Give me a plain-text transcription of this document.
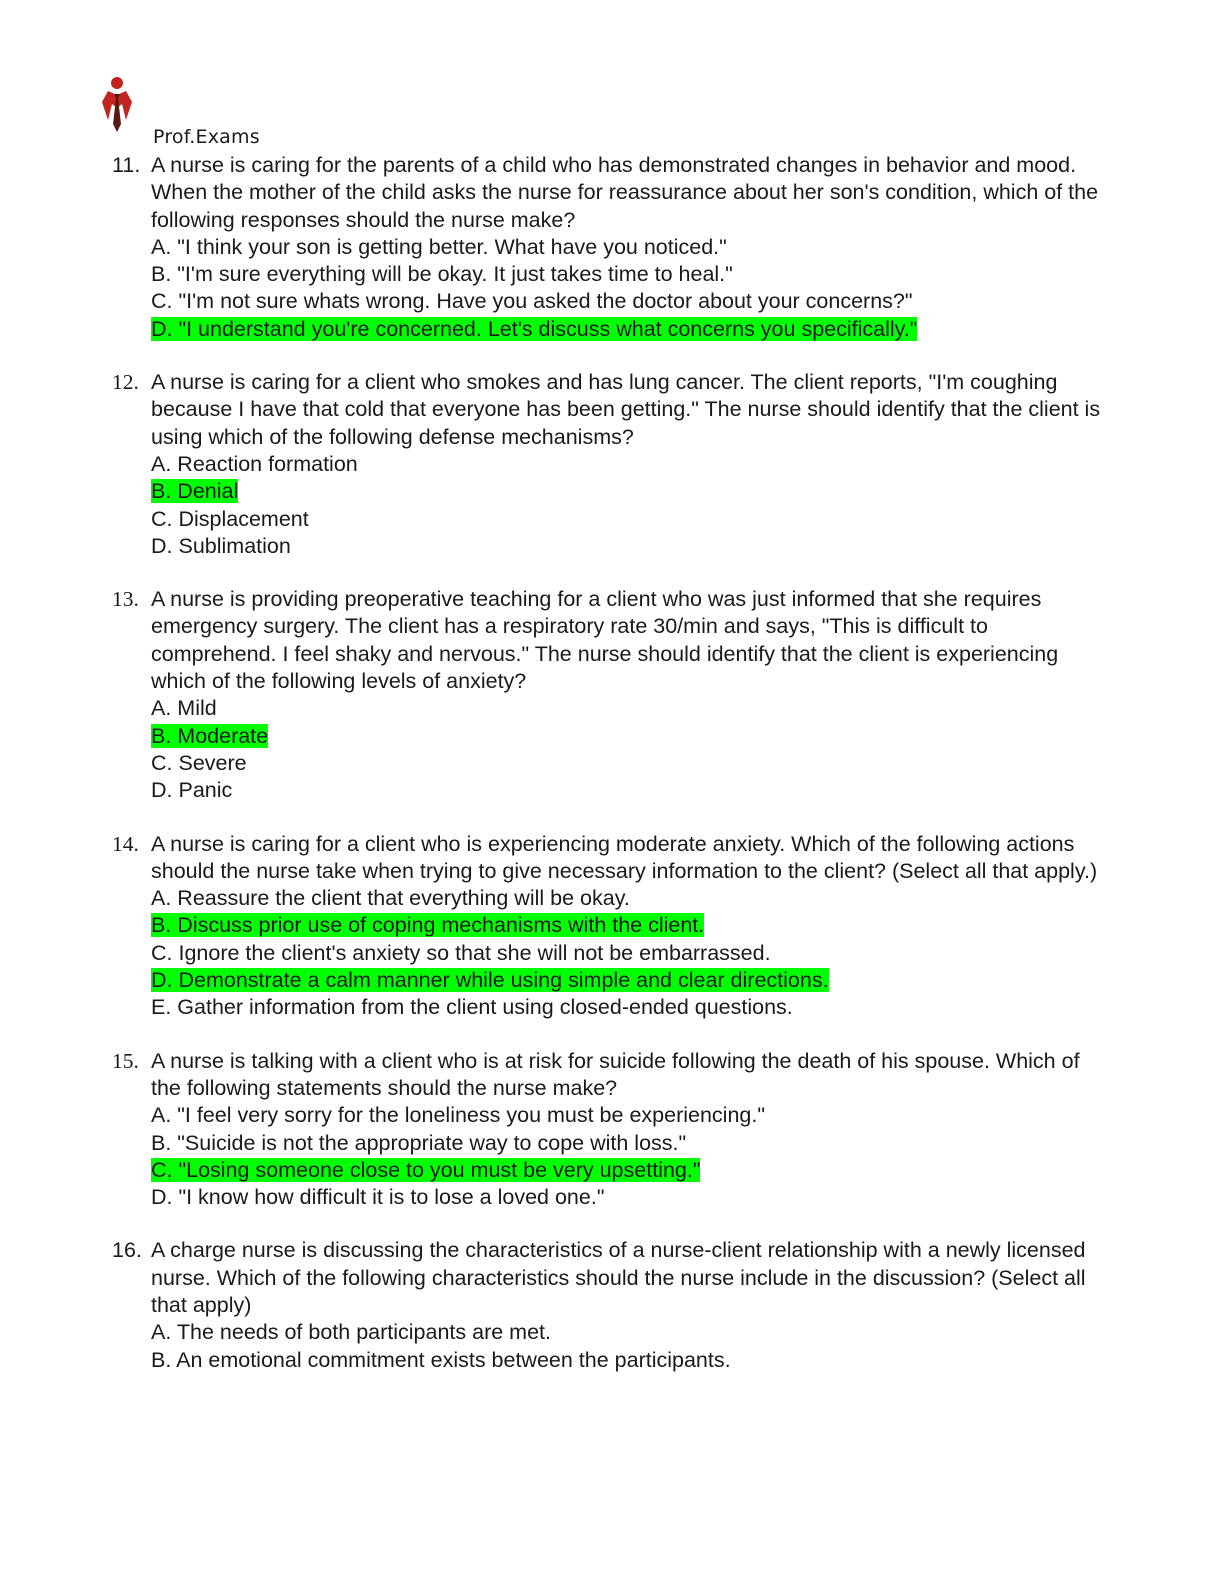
Prof.Exams
11. A nurse is caring for the parents of a child who has demonstrated changes in behavior and mood. When the mother of the child asks the nurse for reassurance about her son's condition, which of the following responses should the nurse make?
A. "I think your son is getting better. What have you noticed."
B. "I'm sure everything will be okay. It just takes time to heal."
C. "I'm not sure whats wrong. Have you asked the doctor about your concerns?"
D. "I understand you're concerned. Let's discuss what concerns you specifically."
12. A nurse is caring for a client who smokes and has lung cancer. The client reports, "I'm coughing because I have that cold that everyone has been getting." The nurse should identify that the client is using which of the following defense mechanisms?
A. Reaction formation
B. Denial
C. Displacement
D. Sublimation
13. A nurse is providing preoperative teaching for a client who was just informed that she requires emergency surgery. The client has a respiratory rate 30/min and says, "This is difficult to comprehend. I feel shaky and nervous." The nurse should identify that the client is experiencing which of the following levels of anxiety?
A. Mild
B. Moderate
C. Severe
D. Panic
14. A nurse is caring for a client who is experiencing moderate anxiety. Which of the following actions should the nurse take when trying to give necessary information to the client? (Select all that apply.)
A. Reassure the client that everything will be okay.
B. Discuss prior use of coping mechanisms with the client.
C. Ignore the client's anxiety so that she will not be embarrassed.
D. Demonstrate a calm manner while using simple and clear directions.
E. Gather information from the client using closed-ended questions.
15. A nurse is talking with a client who is at risk for suicide following the death of his spouse. Which of the following statements should the nurse make?
A. "I feel very sorry for the loneliness you must be experiencing."
B. "Suicide is not the appropriate way to cope with loss."
C. "Losing someone close to you must be very upsetting."
D. "I know how difficult it is to lose a loved one."
16. A charge nurse is discussing the characteristics of a nurse-client relationship with a newly licensed nurse. Which of the following characteristics should the nurse include in the discussion? (Select all that apply)
A. The needs of both participants are met.
B. An emotional commitment exists between the participants.
